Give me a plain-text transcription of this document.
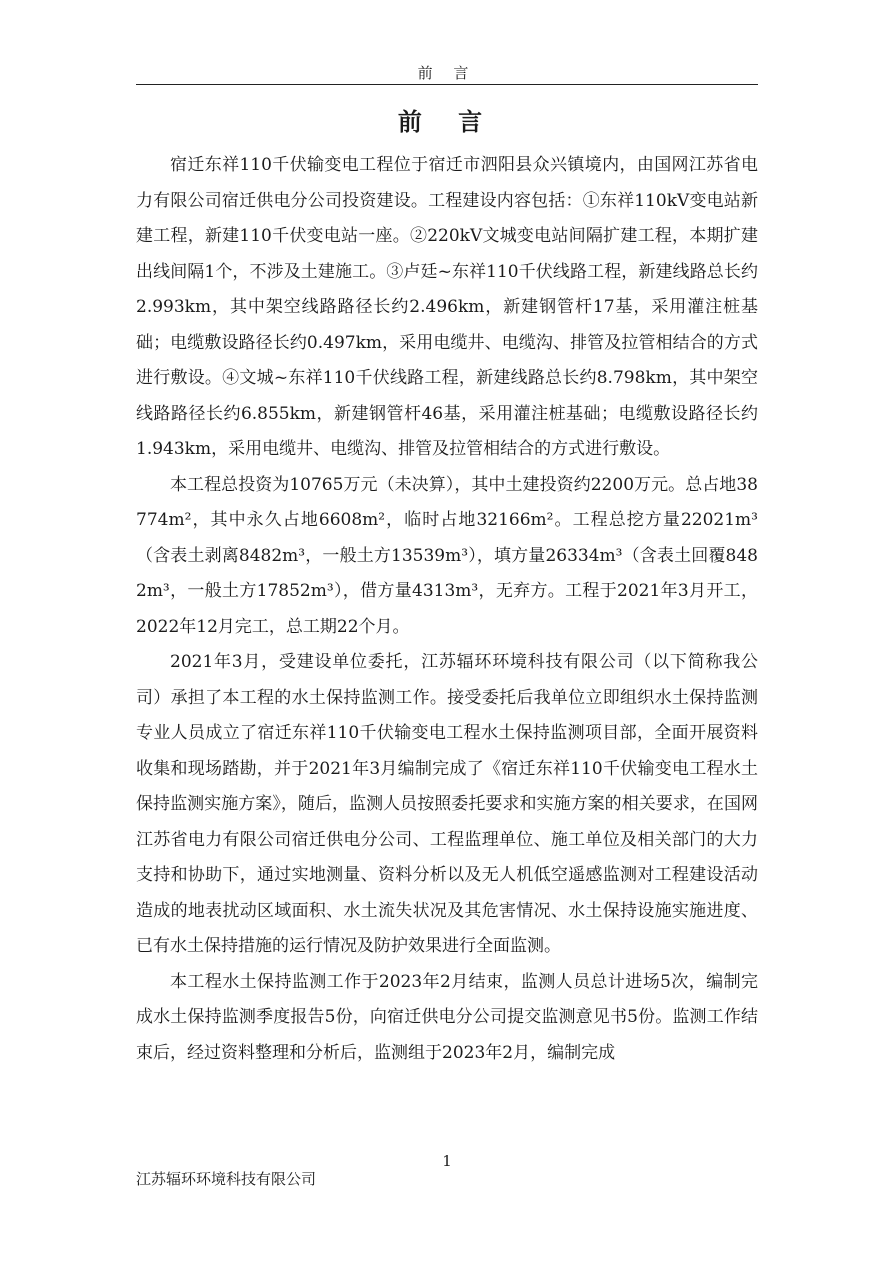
前 言
前 言

宿迁东祥110千伏输变电工程位于宿迁市泗阳县众兴镇境内，由国网江苏省电力有限公司宿迁供电分公司投资建设。工程建设内容包括：①东祥110kV变电站新建工程，新建110千伏变电站一座。②220kV文城变电站间隔扩建工程，本期扩建出线间隔1个，不涉及土建施工。③卢廷~东祥110千伏线路工程，新建线路总长约2.993km，其中架空线路路径长约2.496km，新建钢管杆17基，采用灌注桩基础；电缆敷设路径长约0.497km，采用电缆井、电缆沟、排管及拉管相结合的方式进行敷设。④文城~东祥110千伏线路工程，新建线路总长约8.798km，其中架空线路路径长约6.855km，新建钢管杆46基，采用灌注桩基础；电缆敷设路径长约1.943km，采用电缆井、电缆沟、排管及拉管相结合的方式进行敷设。

本工程总投资为10765万元（未决算），其中土建投资约2200万元。总占地38774m²，其中永久占地6608m²，临时占地32166m²。工程总挖方量22021m³（含表土剥离8482m³，一般土方13539m³），填方量26334m³（含表土回覆8482m³，一般土方17852m³），借方量4313m³，无弃方。工程于2021年3月开工，2022年12月完工，总工期22个月。

2021年3月，受建设单位委托，江苏辐环环境科技有限公司（以下简称我公司）承担了本工程的水土保持监测工作。接受委托后我单位立即组织水土保持监测专业人员成立了宿迁东祥110千伏输变电工程水土保持监测项目部，全面开展资料收集和现场踏勘，并于2021年3月编制完成了《宿迁东祥110千伏输变电工程水土保持监测实施方案》，随后，监测人员按照委托要求和实施方案的相关要求，在国网江苏省电力有限公司宿迁供电分公司、工程监理单位、施工单位及相关部门的大力支持和协助下，通过实地测量、资料分析以及无人机低空遥感监测对工程建设活动造成的地表扰动区域面积、水土流失状况及其危害情况、水土保持设施实施进度、已有水土保持措施的运行情况及防护效果进行全面监测。

本工程水土保持监测工作于2023年2月结束，监测人员总计进场5次，编制完成水土保持监测季度报告5份，向宿迁供电分公司提交监测意见书5份。监测工作结束后，经过资料整理和分析后，监测组于2023年2月，编制完成

1
江苏辐环环境科技有限公司
